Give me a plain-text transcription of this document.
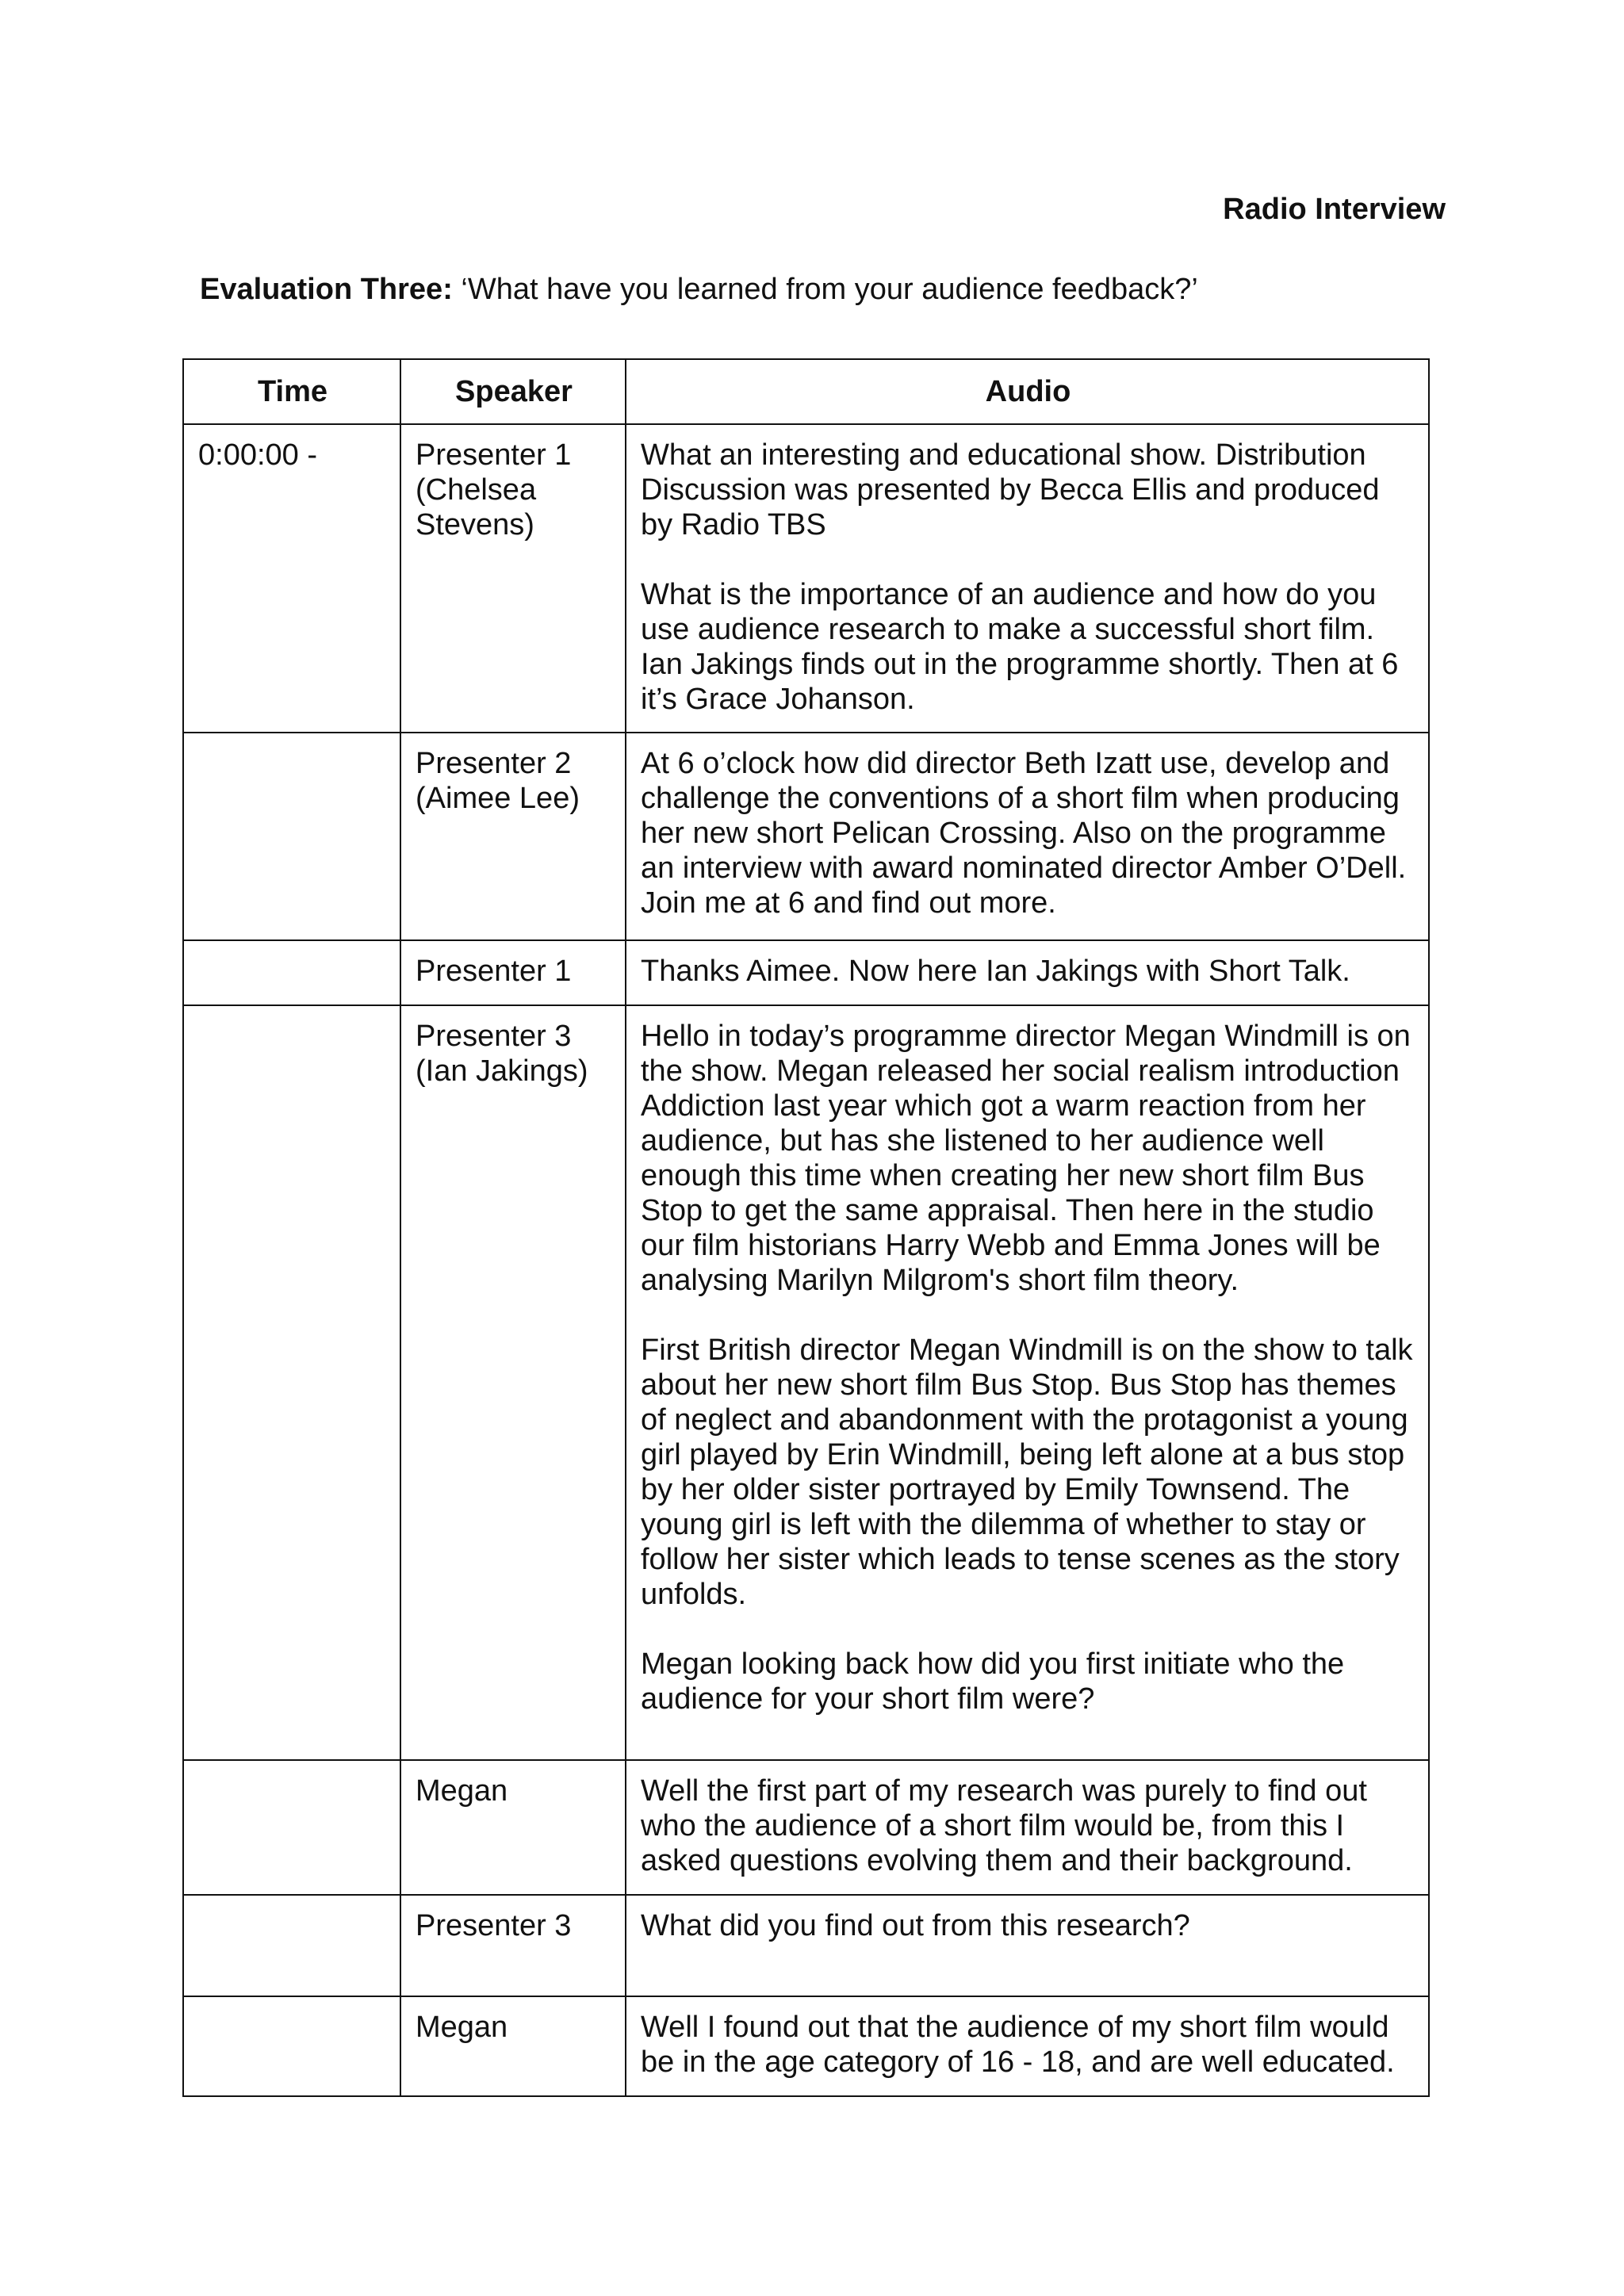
Radio Interview
Evaluation Three: ‘What have you learned from your audience feedback?’
Time	Speaker	Audio
0:00:00 -	Presenter 1 (Chelsea Stevens)	What an interesting and educational show. Distribution Discussion was presented by Becca Ellis and produced by Radio TBS

What is the importance of an audience and how do you use audience research to make a successful short film. Ian Jakings finds out in the programme shortly. Then at 6 it’s Grace Johanson.

	Presenter 2 (Aimee Lee)	At 6 o’clock how did director Beth Izatt use, develop and challenge the conventions of a short film when producing her new short Pelican Crossing. Also on the programme an interview with award nominated director Amber O’Dell. Join me at 6 and find out more.

	Presenter 1	Thanks Aimee. Now here Ian Jakings with Short Talk.

	Presenter 3 (Ian Jakings)	Hello in today’s programme director Megan Windmill is on the show. Megan released her social realism introduction Addiction last year which got a warm reaction from her audience, but has she listened to her audience well enough this time when creating her new short film Bus Stop to get the same appraisal. Then here in the studio our film historians Harry Webb and Emma Jones will be analysing Marilyn Milgrom's short film theory.

First British director Megan Windmill is on the show to talk about her new short film Bus Stop. Bus Stop has themes of neglect and abandonment with the protagonist a young girl played by Erin Windmill, being left alone at a bus stop by her older sister portrayed by Emily Townsend. The young girl is left with the dilemma of whether to stay or follow her sister which leads to tense scenes as the story unfolds.

Megan looking back how did you first initiate who the audience for your short film were?

	Megan	Well the first part of my research was purely to find out who the audience of a short film would be, from this I asked questions evolving them and their background.

	Presenter 3	What did you find out from this research?

	Megan	Well I found out that the audience of my short film would be in the age category of 16 - 18, and are well educated.
